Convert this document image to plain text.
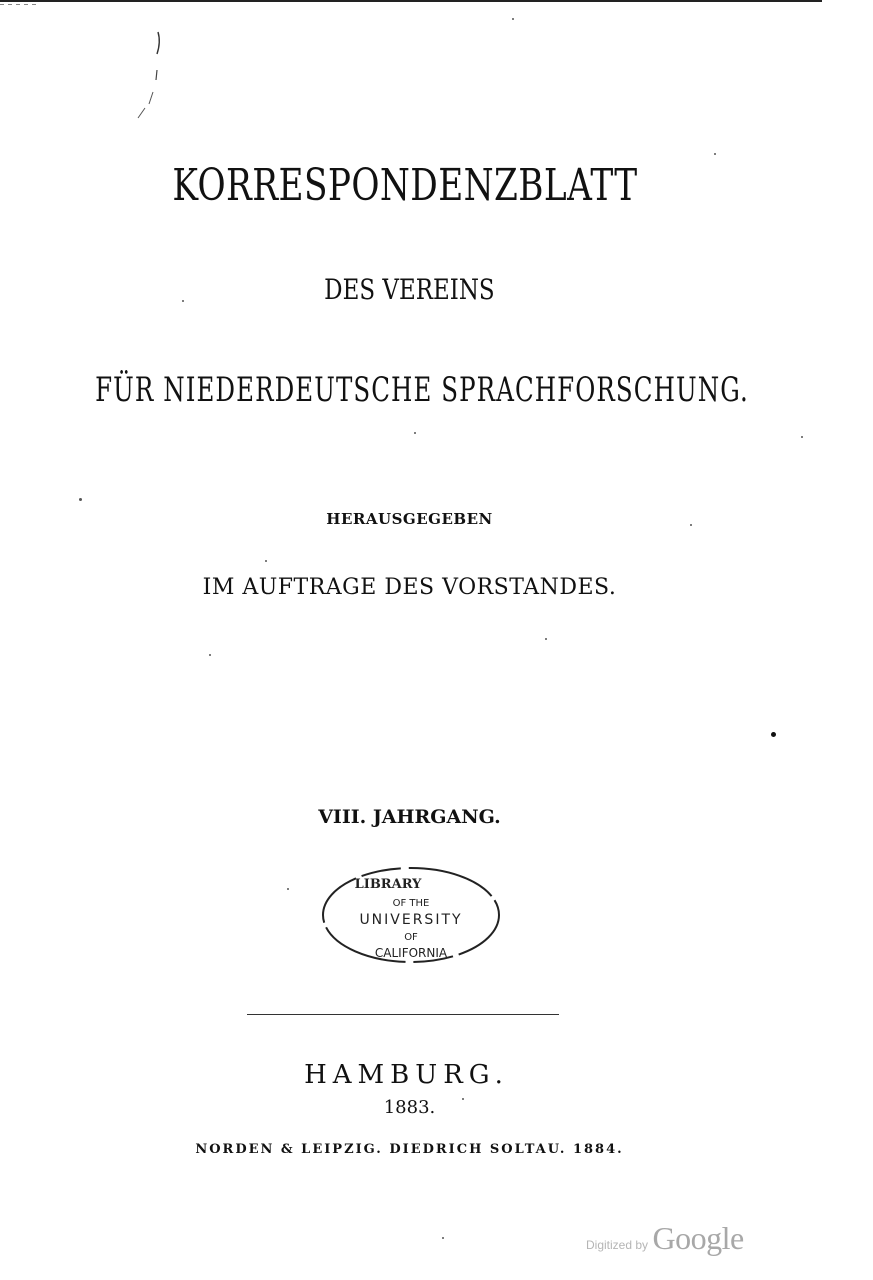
KORRESPONDENZBLATT
DES VEREINS
FÜR NIEDERDEUTSCHE SPRACHFORSCHUNG.
HERAUSGEGEBEN
IM AUFTRAGE DES VORSTANDES.
VIII. JAHRGANG.
LIBRARY
OF THE
UNIVERSITY
OF
CALIFORNIA
HAMBURG.
1883.
NORDEN & LEIPZIG. DIEDRICH SOLTAU. 1884.
Digitized by Google
